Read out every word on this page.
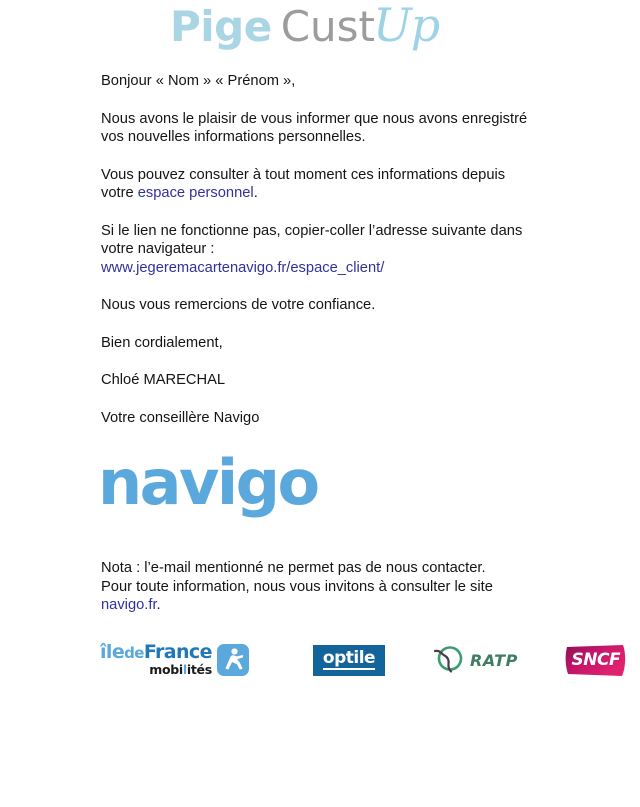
Pige CustUp

Bonjour « Nom » « Prénom »,

Nous avons le plaisir de vous informer que nous avons enregistré vos nouvelles informations personnelles.

Vous pouvez consulter à tout moment ces informations depuis votre espace personnel.

Si le lien ne fonctionne pas, copier-coller l’adresse suivante dans votre navigateur :
www.jegeremacartenavigo.fr/espace_client/

Nous vous remercions de votre confiance.

Bien cordialement,

Chloé MARECHAL

Votre conseillère Navigo

navigo

Nota : l’e-mail mentionné ne permet pas de nous contacter.
Pour toute information, nous vous invitons à consulter le site navigo.fr.

îledeFrance
mobilités
optile	RATP	SNCF
